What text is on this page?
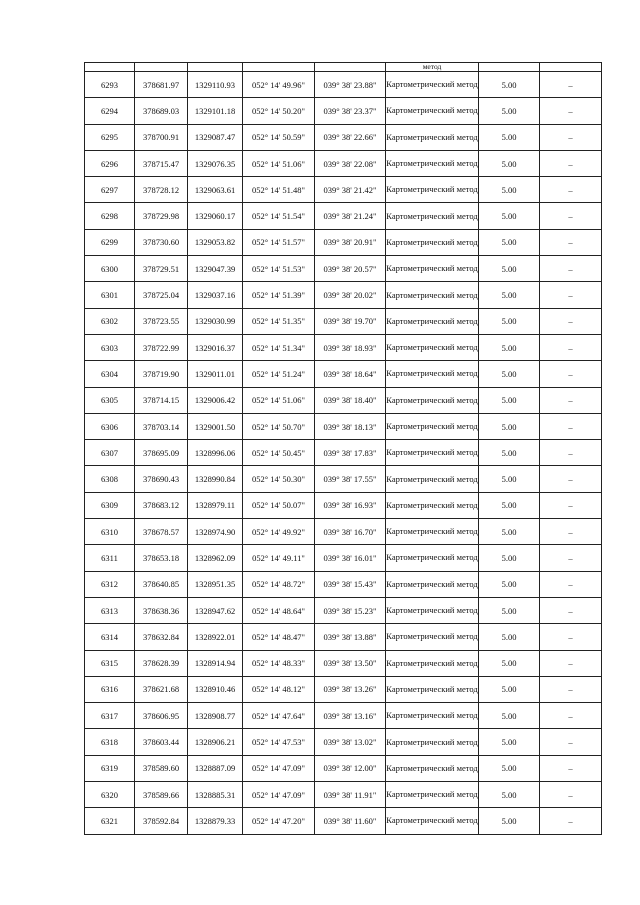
					метод		
6293	378681.97	1329110.93	052° 14' 49.96"	039° 38' 23.88"	Картометрический метод	5.00	–
6294	378689.03	1329101.18	052° 14' 50.20"	039° 38' 23.37"	Картометрический метод	5.00	–
6295	378700.91	1329087.47	052° 14' 50.59"	039° 38' 22.66"	Картометрический метод	5.00	–
6296	378715.47	1329076.35	052° 14' 51.06"	039° 38' 22.08"	Картометрический метод	5.00	–
6297	378728.12	1329063.61	052° 14' 51.48"	039° 38' 21.42"	Картометрический метод	5.00	–
6298	378729.98	1329060.17	052° 14' 51.54"	039° 38' 21.24"	Картометрический метод	5.00	–
6299	378730.60	1329053.82	052° 14' 51.57"	039° 38' 20.91"	Картометрический метод	5.00	–
6300	378729.51	1329047.39	052° 14' 51.53"	039° 38' 20.57"	Картометрический метод	5.00	–
6301	378725.04	1329037.16	052° 14' 51.39"	039° 38' 20.02"	Картометрический метод	5.00	–
6302	378723.55	1329030.99	052° 14' 51.35"	039° 38' 19.70"	Картометрический метод	5.00	–
6303	378722.99	1329016.37	052° 14' 51.34"	039° 38' 18.93"	Картометрический метод	5.00	–
6304	378719.90	1329011.01	052° 14' 51.24"	039° 38' 18.64"	Картометрический метод	5.00	–
6305	378714.15	1329006.42	052° 14' 51.06"	039° 38' 18.40"	Картометрический метод	5.00	–
6306	378703.14	1329001.50	052° 14' 50.70"	039° 38' 18.13"	Картометрический метод	5.00	–
6307	378695.09	1328996.06	052° 14' 50.45"	039° 38' 17.83"	Картометрический метод	5.00	–
6308	378690.43	1328990.84	052° 14' 50.30"	039° 38' 17.55"	Картометрический метод	5.00	–
6309	378683.12	1328979.11	052° 14' 50.07"	039° 38' 16.93"	Картометрический метод	5.00	–
6310	378678.57	1328974.90	052° 14' 49.92"	039° 38' 16.70"	Картометрический метод	5.00	–
6311	378653.18	1328962.09	052° 14' 49.11"	039° 38' 16.01"	Картометрический метод	5.00	–
6312	378640.85	1328951.35	052° 14' 48.72"	039° 38' 15.43"	Картометрический метод	5.00	–
6313	378638.36	1328947.62	052° 14' 48.64"	039° 38' 15.23"	Картометрический метод	5.00	–
6314	378632.84	1328922.01	052° 14' 48.47"	039° 38' 13.88"	Картометрический метод	5.00	–
6315	378628.39	1328914.94	052° 14' 48.33"	039° 38' 13.50"	Картометрический метод	5.00	–
6316	378621.68	1328910.46	052° 14' 48.12"	039° 38' 13.26"	Картометрический метод	5.00	–
6317	378606.95	1328908.77	052° 14' 47.64"	039° 38' 13.16"	Картометрический метод	5.00	–
6318	378603.44	1328906.21	052° 14' 47.53"	039° 38' 13.02"	Картометрический метод	5.00	–
6319	378589.60	1328887.09	052° 14' 47.09"	039° 38' 12.00"	Картометрический метод	5.00	–
6320	378589.66	1328885.31	052° 14' 47.09"	039° 38' 11.91"	Картометрический метод	5.00	–
6321	378592.84	1328879.33	052° 14' 47.20"	039° 38' 11.60"	Картометрический метод	5.00	–
